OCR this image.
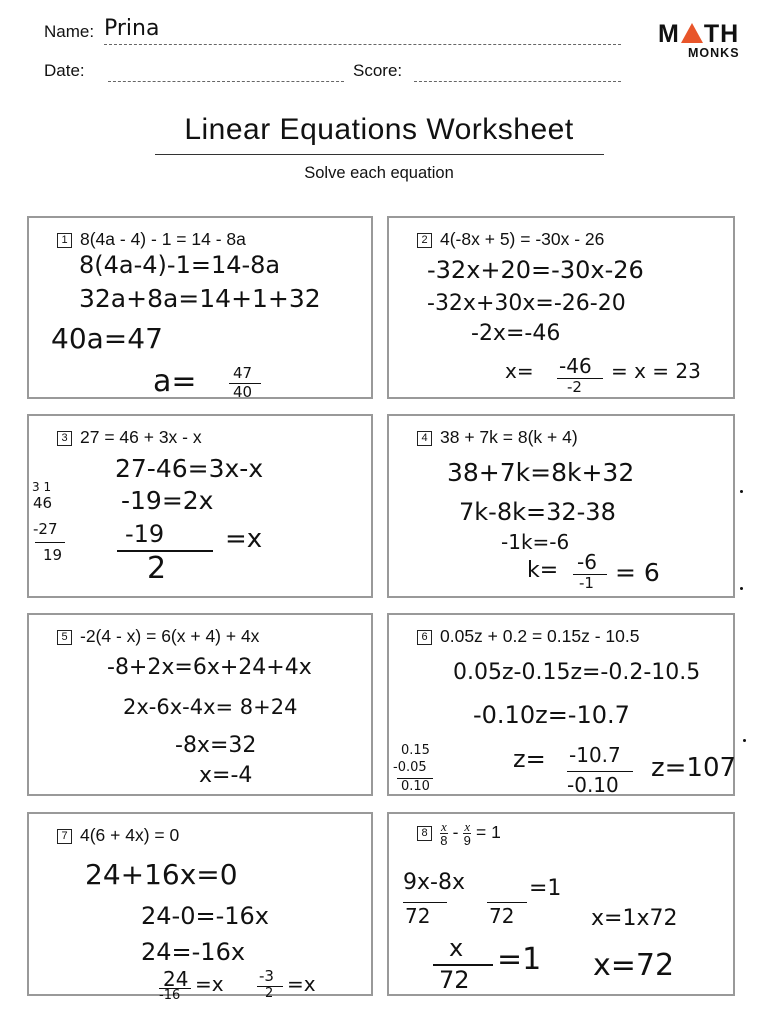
Name: Prina
Date:	Score:
M TH
MONKS
Linear Equations Worksheet
Solve each equation
1 8(4a - 4) - 1 = 14 - 8a
8(4a-4)-1=14-8a
32a+8a=14+1+32
40a=47
a= 47
40
2 4(-8x + 5) = -30x - 26
-32x+20=-30x-26
-32x+30x=-26-20
-2x=-46
x= -46
-2
= x = 23
3 27 = 46 + 3x - x
27-46=3x-x
-19=2x
-19
2
=x
3 1
46
-27
19
4 38 + 7k = 8(k + 4)
38+7k=8k+32
7k-8k=32-38
-1k=-6
k= -6
-1 = 6
5 -2(4 - x) = 6(x + 4) + 4x
-8+2x=6x+24+4x
2x-6x-4x= 8+24
-8x=32
x=-4
6 0.05z + 0.2 = 0.15z - 10.5
0.05z-0.15z=-0.2-10.5
-0.10z=-10.7
z= -10.7
-0.10
z=107
0.15
-0.05
0.10
7 4(6 + 4x) = 0
24+16x=0
24-0=-16x
24=-16x
24
-16 =x -3
2 =x
$8 \frac{x}{8} - \frac{x}{9} = 1$
9x-8x
72	72
=1
x=1x72
x
72
=1 x=72
